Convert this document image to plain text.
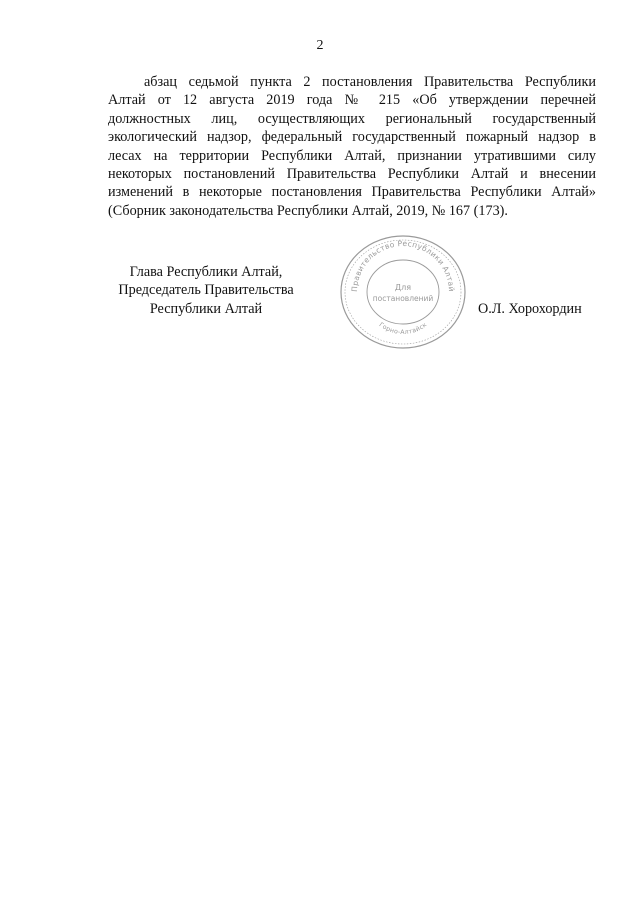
2
абзац седьмой пункта 2 постановления Правительства Республики
Алтай от 12 августа 2019 года № 215 «Об утверждении перечней
должностных лиц, осуществляющих региональный государственный
экологический надзор, федеральный государственный пожарный надзор в
лесах на территории Республики Алтай, признании утратившими силу
некоторых постановлений Правительства Республики Алтай и внесении
изменений в некоторые постановления Правительства Республики Алтай»
(Сборник законодательства Республики Алтай, 2019, № 167 (173).
Глава Республики Алтай,
Председатель Правительства
Республики Алтай
Правительство Республики Алтай
Горно-Алтайск
Для
постановлений
О.Л. Хорохордин
